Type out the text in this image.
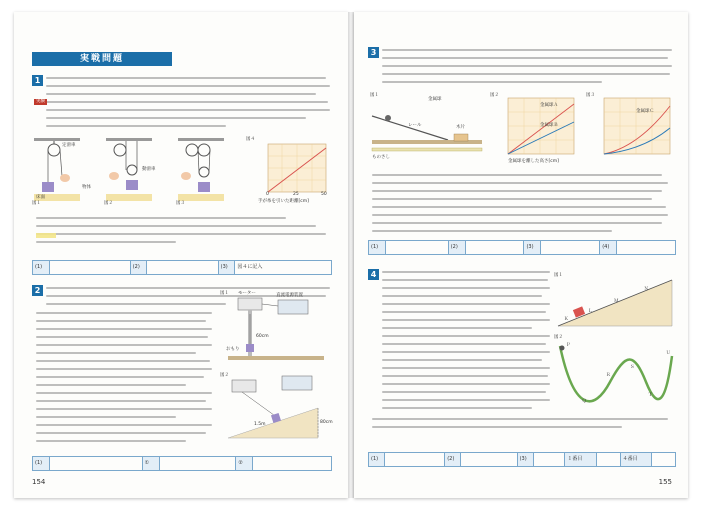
実戦問題
1
実験
図１	図２	図３
図４
定滑車
動滑車
物体
床面
手が糸を引いた距離[cm]
0	25	50
(1)	(2)	(3)	図４に記入
2	図１ モーター	直流電源装置
おもり
60cm
図２
1.5m	80cm
(1)	①	②
154
3
図１
金属球
木片
レール
ものさし
図２	図３
金属球Ａ
金属球Ｂ
金属球Ｃ
金属球を離した高さ[cm]
(1)	(2)	(3)	(4)
4	図１
Ｋ
Ｌ
Ｍ
Ｎ
図２
Ｐ
Ｑ
Ｒ
Ｓ
Ｔ
Ｕ
(1)	(2)	(3)	１番目	４番目
155
